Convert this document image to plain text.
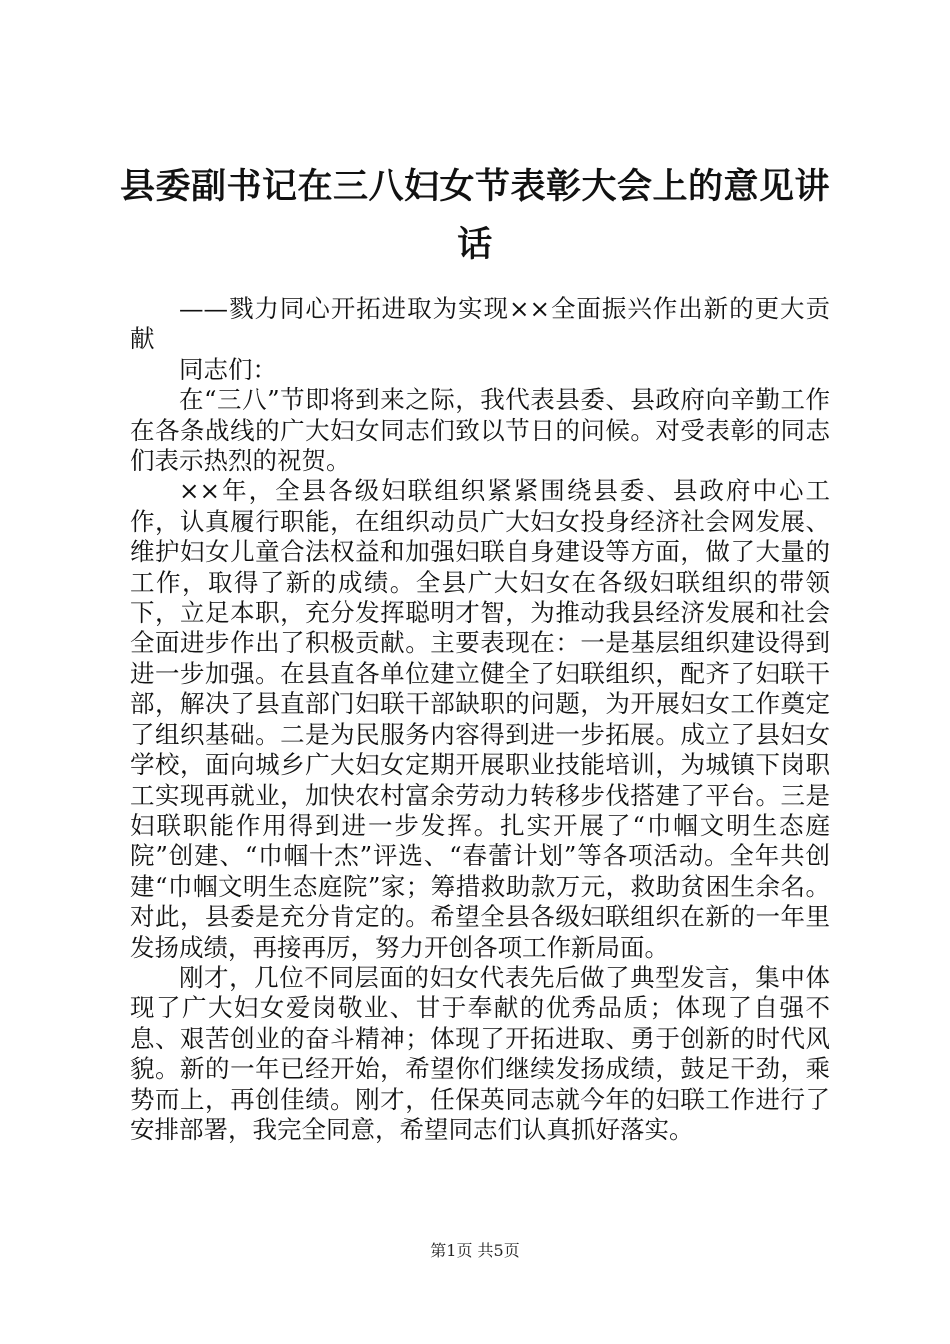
县委副书记在三八妇女节表彰大会上的意见讲话

——戮力同心开拓进取为实现××全面振兴作出新的更大贡献

同志们：

在“三八”节即将到来之际，我代表县委、县政府向辛勤工作在各条战线的广大妇女同志们致以节日的问候。对受表彰的同志们表示热烈的祝贺。

××年，全县各级妇联组织紧紧围绕县委、县政府中心工作，认真履行职能，在组织动员广大妇女投身经济社会网发展、维护妇女儿童合法权益和加强妇联自身建设等方面，做了大量的工作，取得了新的成绩。全县广大妇女在各级妇联组织的带领下，立足本职，充分发挥聪明才智，为推动我县经济发展和社会全面进步作出了积极贡献。主要表现在：一是基层组织建设得到进一步加强。在县直各单位建立健全了妇联组织，配齐了妇联干部，解决了县直部门妇联干部缺职的问题，为开展妇女工作奠定了组织基础。二是为民服务内容得到进一步拓展。成立了县妇女学校，面向城乡广大妇女定期开展职业技能培训，为城镇下岗职工实现再就业，加快农村富余劳动力转移步伐搭建了平台。三是妇联职能作用得到进一步发挥。扎实开展了“巾帼文明生态庭院”创建、“巾帼十杰”评选、“春蕾计划”等各项活动。全年共创建“巾帼文明生态庭院”家；筹措救助款万元，救助贫困生余名。对此，县委是充分肯定的。希望全县各级妇联组织在新的一年里发扬成绩，再接再厉，努力开创各项工作新局面。

刚才，几位不同层面的妇女代表先后做了典型发言，集中体现了广大妇女爱岗敬业、甘于奉献的优秀品质；体现了自强不息、艰苦创业的奋斗精神；体现了开拓进取、勇于创新的时代风貌。新的一年已经开始，希望你们继续发扬成绩，鼓足干劲，乘势而上，再创佳绩。刚才，任保英同志就今年的妇联工作进行了安排部署，我完全同意，希望同志们认真抓好落实。

第1页 共5页
